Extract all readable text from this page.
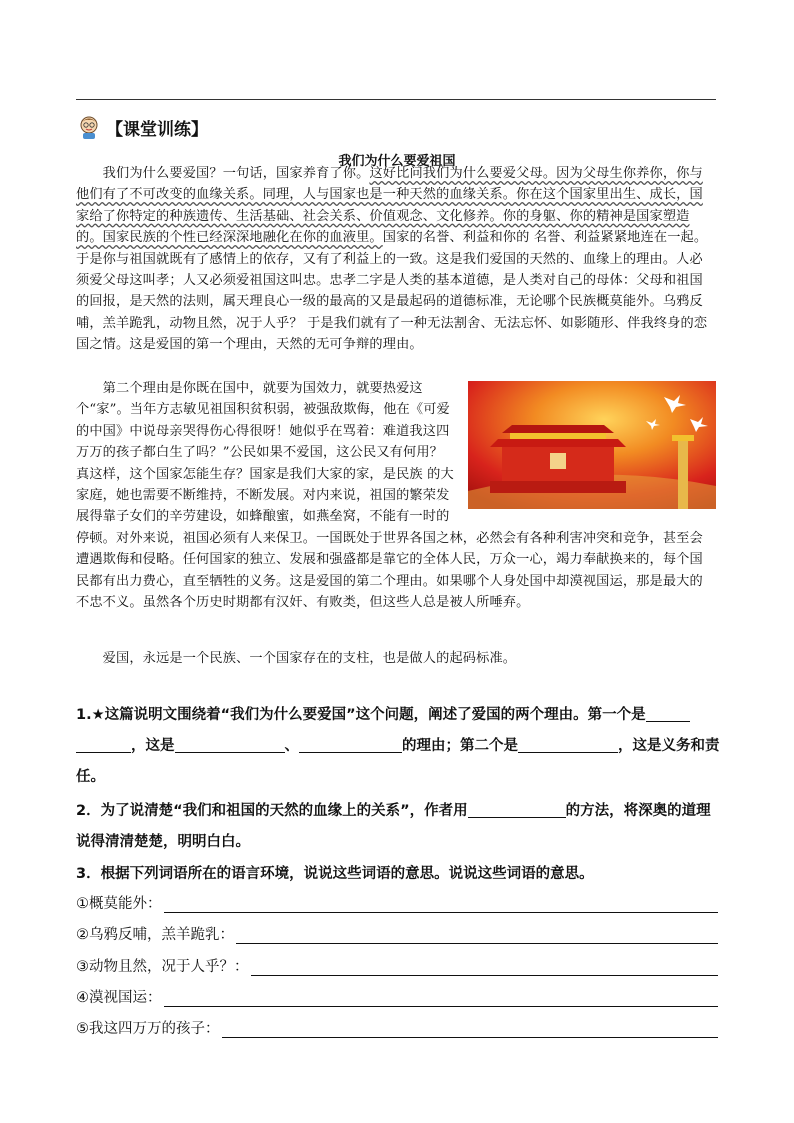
【课堂训练】
我们为什么要爱祖国

　　我们为什么要爱国？一句话，国家养育了你。这好比问我们为什么要爱父母。因为父母生你养你，你与他们有了不可改变的血缘关系。同理，人与国家也是一种天然的血缘关系。你在这个国家里出生、成长，国家给了你特定的种族遗传、生活基础、社会关系、价值观念、文化修养。你的身躯、你的精神是国家塑造的。国家民族的个性已经深深地融化在你的血液里。国家的名誉、利益和你的 名誉、利益紧紧地连在一起。于是你与祖国就既有了感情上的依存，又有了利益上的一致。这是我们爱国的天然的、血缘上的理由。人必须爱父母这叫孝；人又必须爱祖国这叫忠。忠孝二字是人类的基本道德，是人类对自己的母体：父母和祖国的回报，是天然的法则，属天理良心一级的最高的又是最起码的道德标准，无论哪个民族概莫能外。乌鸦反哺，羔羊跪乳，动物且然，况于人乎？ 于是我们就有了一种无法割舍、无法忘怀、如影随形、伴我终身的恋国之情。这是爱国的第一个理由，天然的无可争辩的理由。

　　第二个理由是你既在国中，就要为国效力，就要热爱这个“家”。当年方志敏见祖国积贫积弱，被强敌欺侮，他在《可爱的中国》中说母亲哭得伤心得很呀！她似乎在骂着：难道我这四万万的孩子都白生了吗？”公民如果不爱国，这公民又有何用？真这样，这个国家怎能生存？国家是我们大家的家，是民族 的大家庭，她也需要不断维持，不断发展。对内来说，祖国的繁荣发展得靠子女们的辛劳建设，如蜂酿蜜，如燕垒窝，不能有一时的停顿。对外来说，祖国必须有人来保卫。一国既处于世界各国之林，必然会有各种利害冲突和竞争，甚至会遭遇欺侮和侵略。任何国家的独立、发展和强盛都是靠它的全体人民，万众一心，竭力奉献换来的，每个国民都有出力费心，直至牺牲的义务。这是爱国的第二个理由。如果哪个人身处国中却漠视国运，那是最大的不忠不义。虽然各个历史时期都有汉奸、有败类，但这些人总是被人所唾弃。

　　爱国，永远是一个民族、一个国家存在的支柱，也是做人的起码标准。

1.★这篇说明文围绕着“我们为什么要爱国”这个问题，阐述了爱国的两个理由。第一个是，这是	、	的理由；第二个是	，这是义务和责任。

2．为了说清楚“我们和祖国的天然的血缘上的关系”，作者用	的方法，将深奥的道理说得清清楚楚，明明白白。

3．根据下列词语所在的语言环境，说说这些词语的意思。说说这些词语的意思。

①概莫能外：
②乌鸦反哺，羔羊跪乳：
③动物且然，况于人乎？：
④漠视国运：
⑤我这四万万的孩子：
